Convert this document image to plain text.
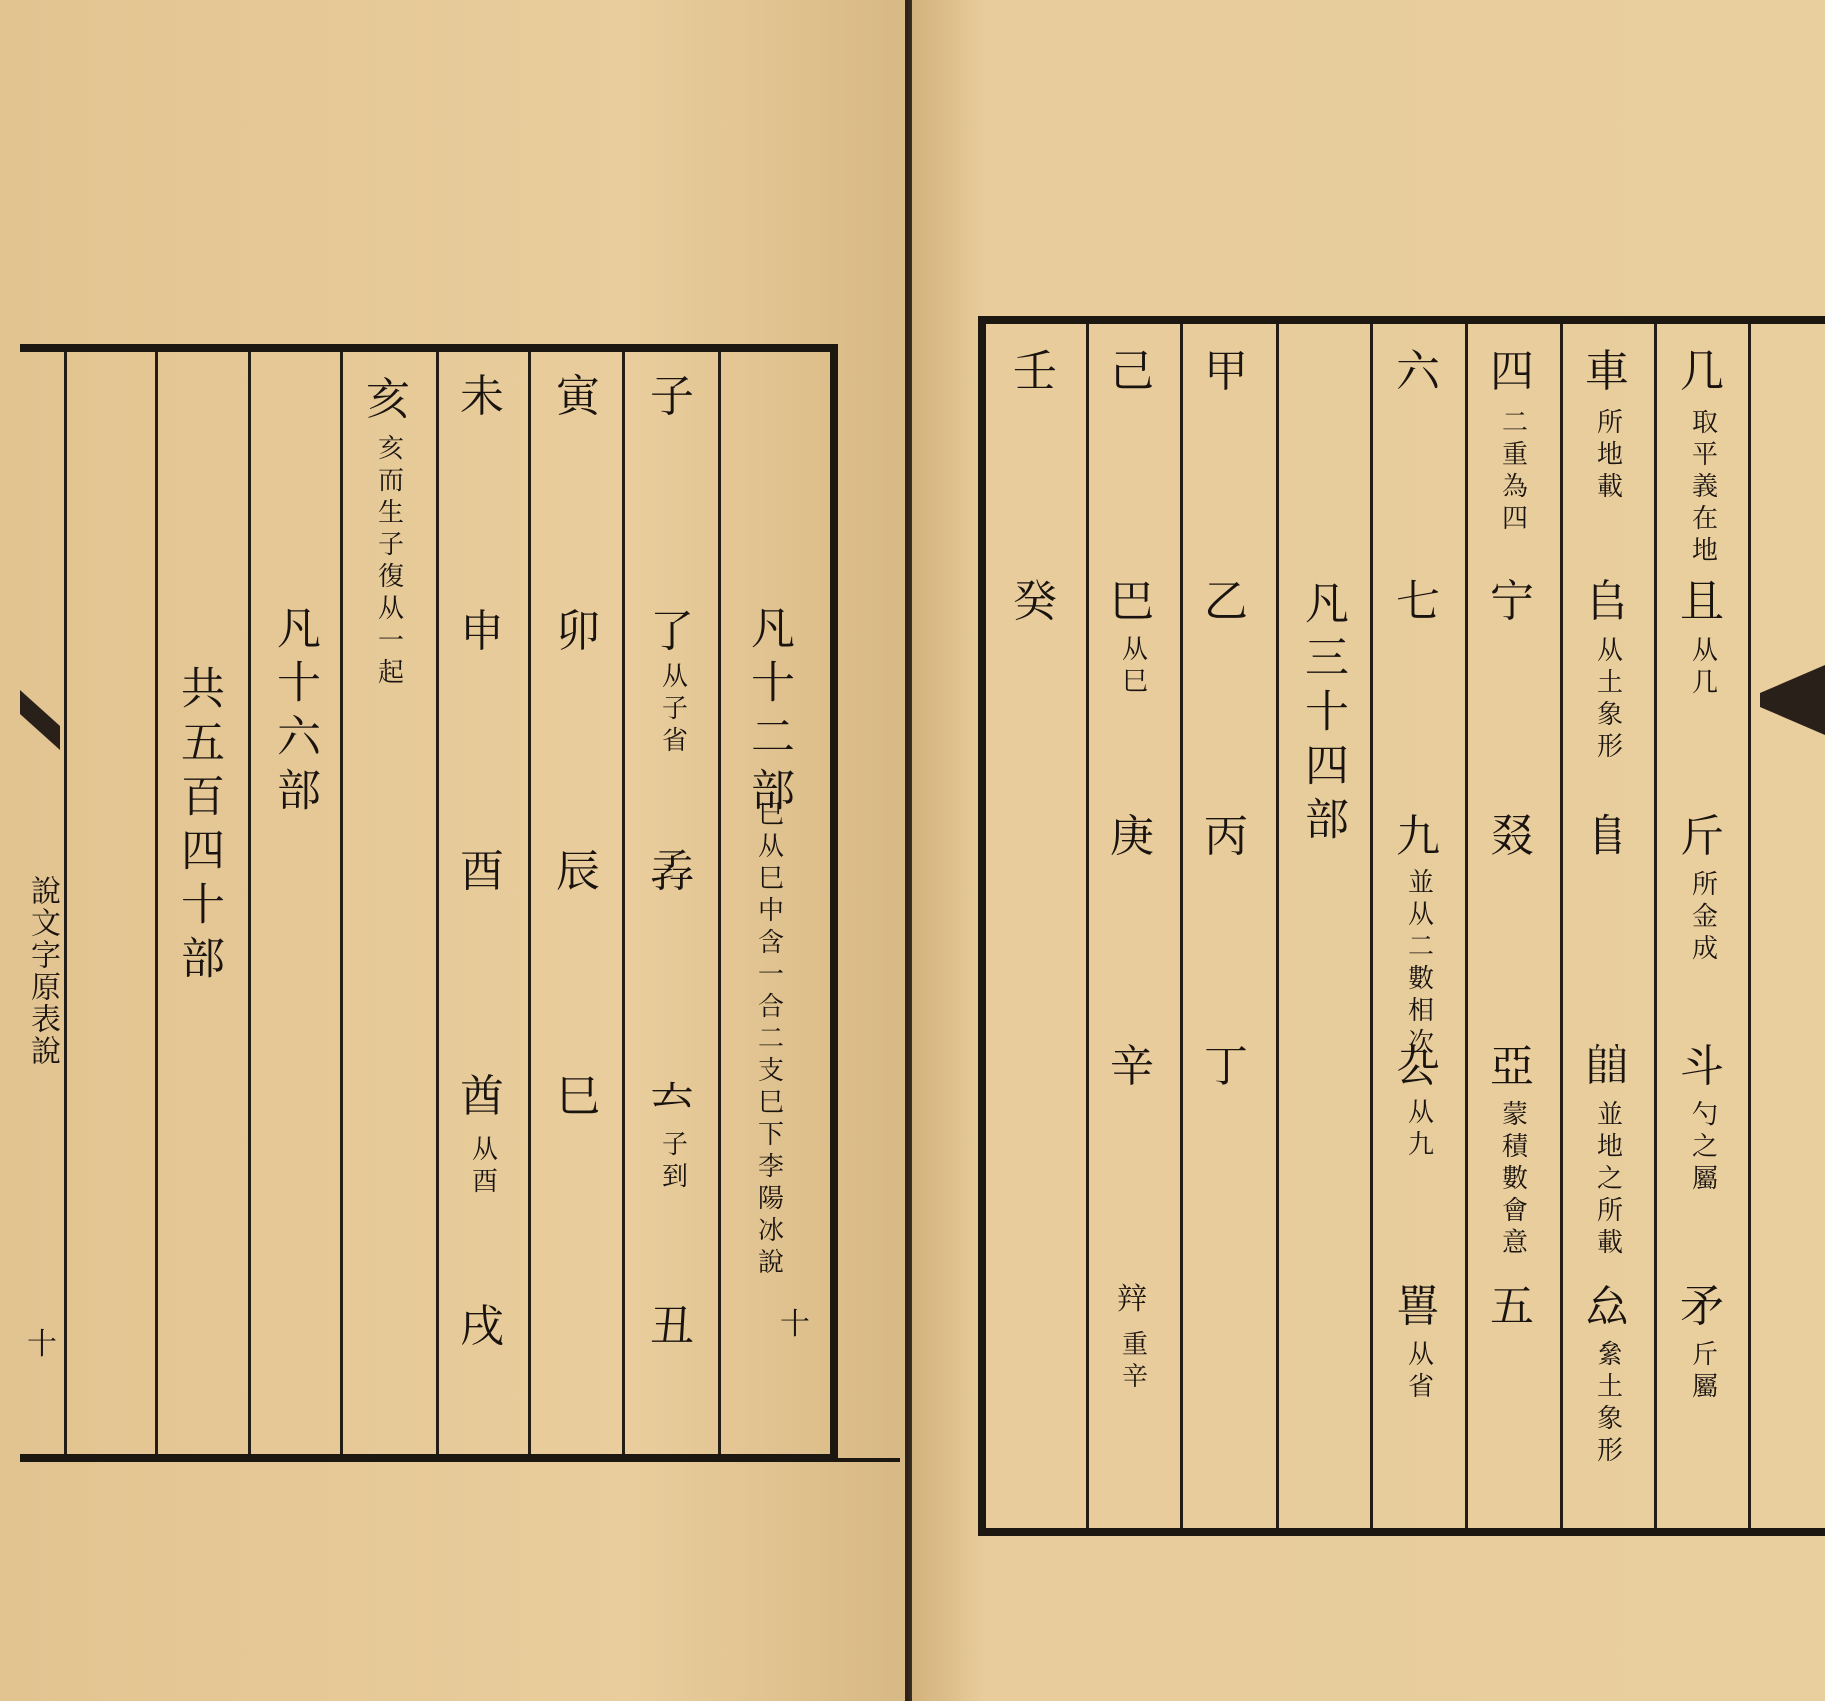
說文字原表說
十
共五百四十部 凡十六部
亥
亥而生子復从一起
未
申
酉
酋
从酉
戌
寅
卯
辰
巳
子
了
从子省
孨
𠫓
子到
丑
凡十二部
巳从巳中含一合二支巳下李陽冰說
十
壬
癸
己
巴
从巳
庚
辛
辡
重辛
甲
乙
丙
丁
凡三十四部
六
七
九
並从二數相次
厹
从九
嘼
从省
四
二重為四
宁
叕
亞
蒙積數會意
五
車
所地載
𠂤
从土象形
𨸏
𨺅
並地之所載
厽
絫土象形
几
取平義在地
且
从几
斤
所金成
斗
勺之屬
矛
斤屬
